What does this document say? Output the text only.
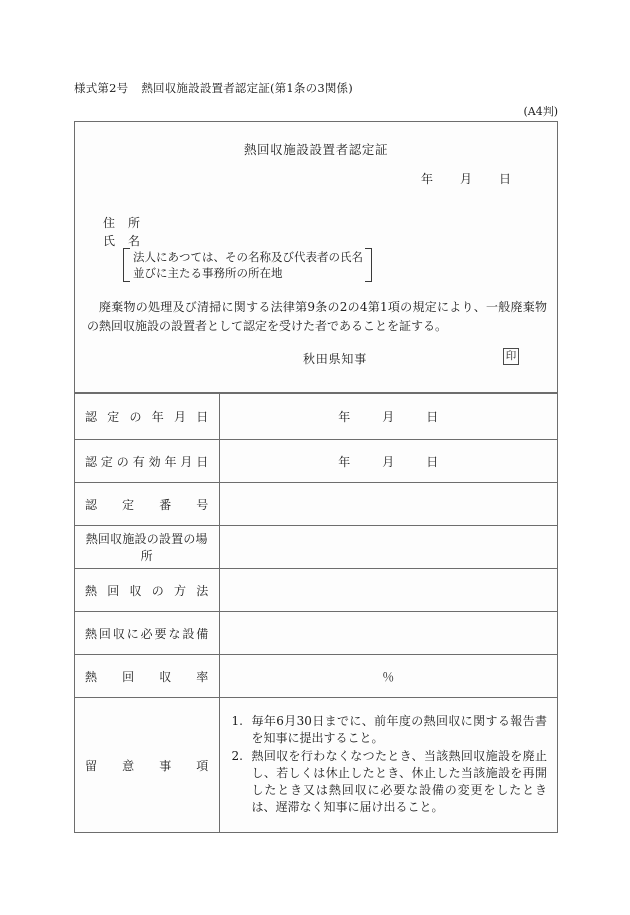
様式第2号 熱回収施設設置者認定証(第1条の3関係)
(A4判)
熱回収施設設置者認定証
年 月 日
住　所
氏　名
法人にあつては、その名称及び代表者の氏名
並びに主たる事務所の所在地
廃棄物の処理及び清掃に関する法律第9条の2の4第1項の規定により、一般廃棄物の熱回収施設の設置者として認定を受けた者であることを証する。
秋田県知事	印
認定の年月日	年 月 日

認定の有効年月日	年 月 日

認定番号	

熱回収施設の設置の場所	

熱回収の方法	

熱回収に必要な設備	

熱回収率	％

留意事項	1. 毎年6月30日までに、前年度の熱回収に関する報告書を知事に提出すること。
2. 熱回収を行わなくなつたとき、当該熱回収施設を廃止し、若しくは休止したとき、休止した当該施設を再開したとき又は熱回収に必要な設備の変更をしたときは、遅滞なく知事に届け出ること。
